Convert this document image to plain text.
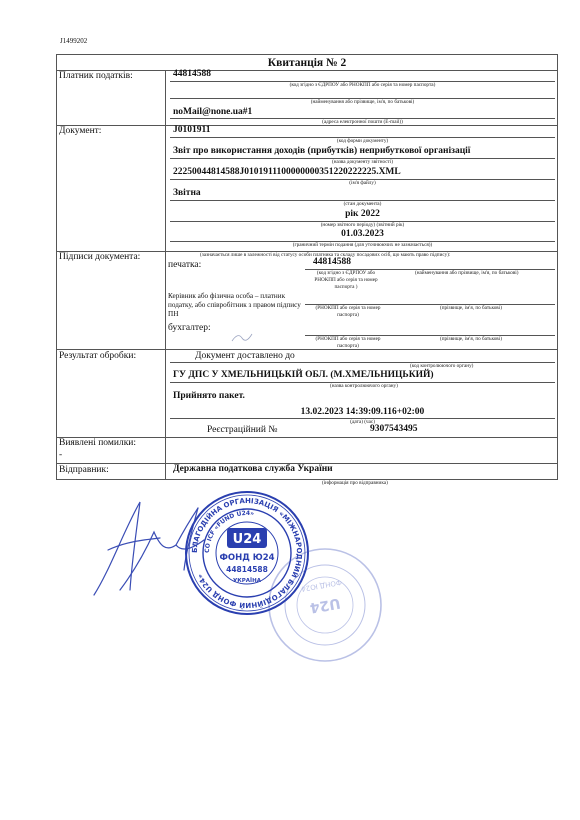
J1499202
Квитанція № 2
Платник податків:	44814588
(код згідно з ЄДРПОУ або РНОКПП або серія та номер паспорта)
(найменування або прізвище, ім'я, по батькові)
noMail@none.ua#1
(адреса електронної пошти (E-mail))
Документ:	J0101911
(код форми документу)
Звіт про використання доходів (прибутків) неприбуткової організації
(назва документу звітності)
22250044814588J0101911100000000351220222225.XML
(ім'я файлу)
Звітна
(стан документа)
рік 2022
(номер звітного періоду) (звітний рік)
01.03.2023
(граничний термін подання (для уточнюючих не зазначається))
Підписи документа:	(зазначається лише в залежності від статусу особи платника та складу посадових осіб, що мають право підпису):
печатка:	44814588
(код згідно з ЄДРПОУ або РНОКПП або серія та номер паспорта )
(найменування або прізвище, ім'я, по батькові)
Керівник або фізична особа – платник податку, або співробітник з правом підпису ПН
(РНОКПП або серія та номер паспорта)
(прізвище, ім'я, по батькові)
бухгалтер:
(РНОКПП або серія та номер паспорта)
(прізвище, ім'я, по батькові)
Результат обробки:	Документ доставлено до
(код контролюючого органу)
ГУ ДПС У ХМЕЛЬНИЦЬКІЙ ОБЛ. (М.ХМЕЛЬНИЦЬКИЙ)
(назва контролюючого органу)
Прийнято пакет.
13.02.2023 14:39:09.116+02:00
(дата) (час)
Реєстраційний №	9307543495
Виявлені помилки:
-
Відправник:	Державна податкова служба України
(інформація про відправника)
БЛАГОДІЙНА ОРГАНІЗАЦІЯ «МІЖНАРОДНИЙ БЛАГОДІЙНИЙ ФОНД U24»
CO ICF «FUND U24»
U24
ФОНД Ю24
44814588
УКРАЇНА
U24
ФОНД Ю24
